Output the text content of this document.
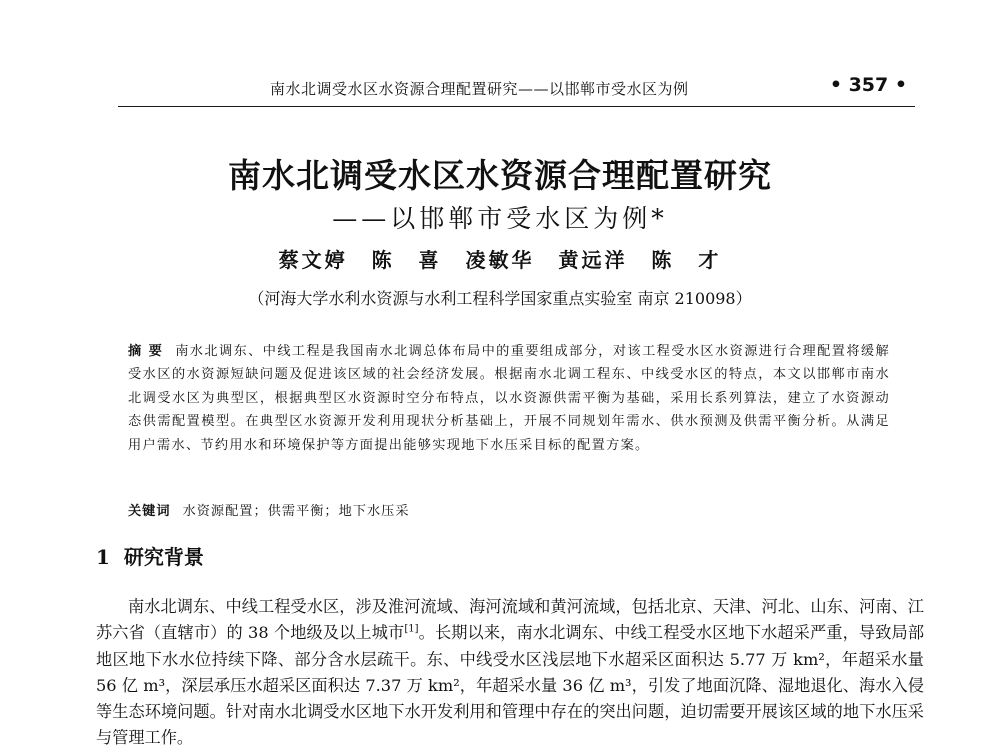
南水北调受水区水资源合理配置研究——以邯郸市受水区为例	• 357 •
南水北调受水区水资源合理配置研究
——以邯郸市受水区为例*
蔡文婷 陈 喜 凌敏华 黄远洋 陈 才
（河海大学水利水资源与水利工程科学国家重点实验室 南京 210098）
摘 要 南水北调东、中线工程是我国南水北调总体布局中的重要组成部分，对该工程受水区水资源进行合理配置将缓解受水区的水资源短缺问题及促进该区域的社会经济发展。根据南水北调工程东、中线受水区的特点，本文以邯郸市南水北调受水区为典型区，根据典型区水资源时空分布特点，以水资源供需平衡为基础，采用长系列算法，建立了水资源动态供需配置模型。在典型区水资源开发利用现状分析基础上，开展不同规划年需水、供水预测及供需平衡分析。从满足用户需水、节约用水和环境保护等方面提出能够实现地下水压采目标的配置方案。
关键词 水资源配置；供需平衡；地下水压采
1 研究背景

南水北调东、中线工程受水区，涉及淮河流域、海河流域和黄河流域，包括北京、天津、河北、山东、河南、江苏六省（直辖市）的 38 个地级及以上城市[1]。长期以来，南水北调东、中线工程受水区地下水超采严重，导致局部地区地下水水位持续下降、部分含水层疏干。东、中线受水区浅层地下水超采区面积达 5.77 万 km²，年超采水量 56 亿 m³，深层承压水超采区面积达 7.37 万 km²，年超采水量 36 亿 m³，引发了地面沉降、湿地退化、海水入侵等生态环境问题。针对南水北调受水区地下水开发利用和管理中存在的突出问题，迫切需要开展该区域的地下水压采与管理工作。
